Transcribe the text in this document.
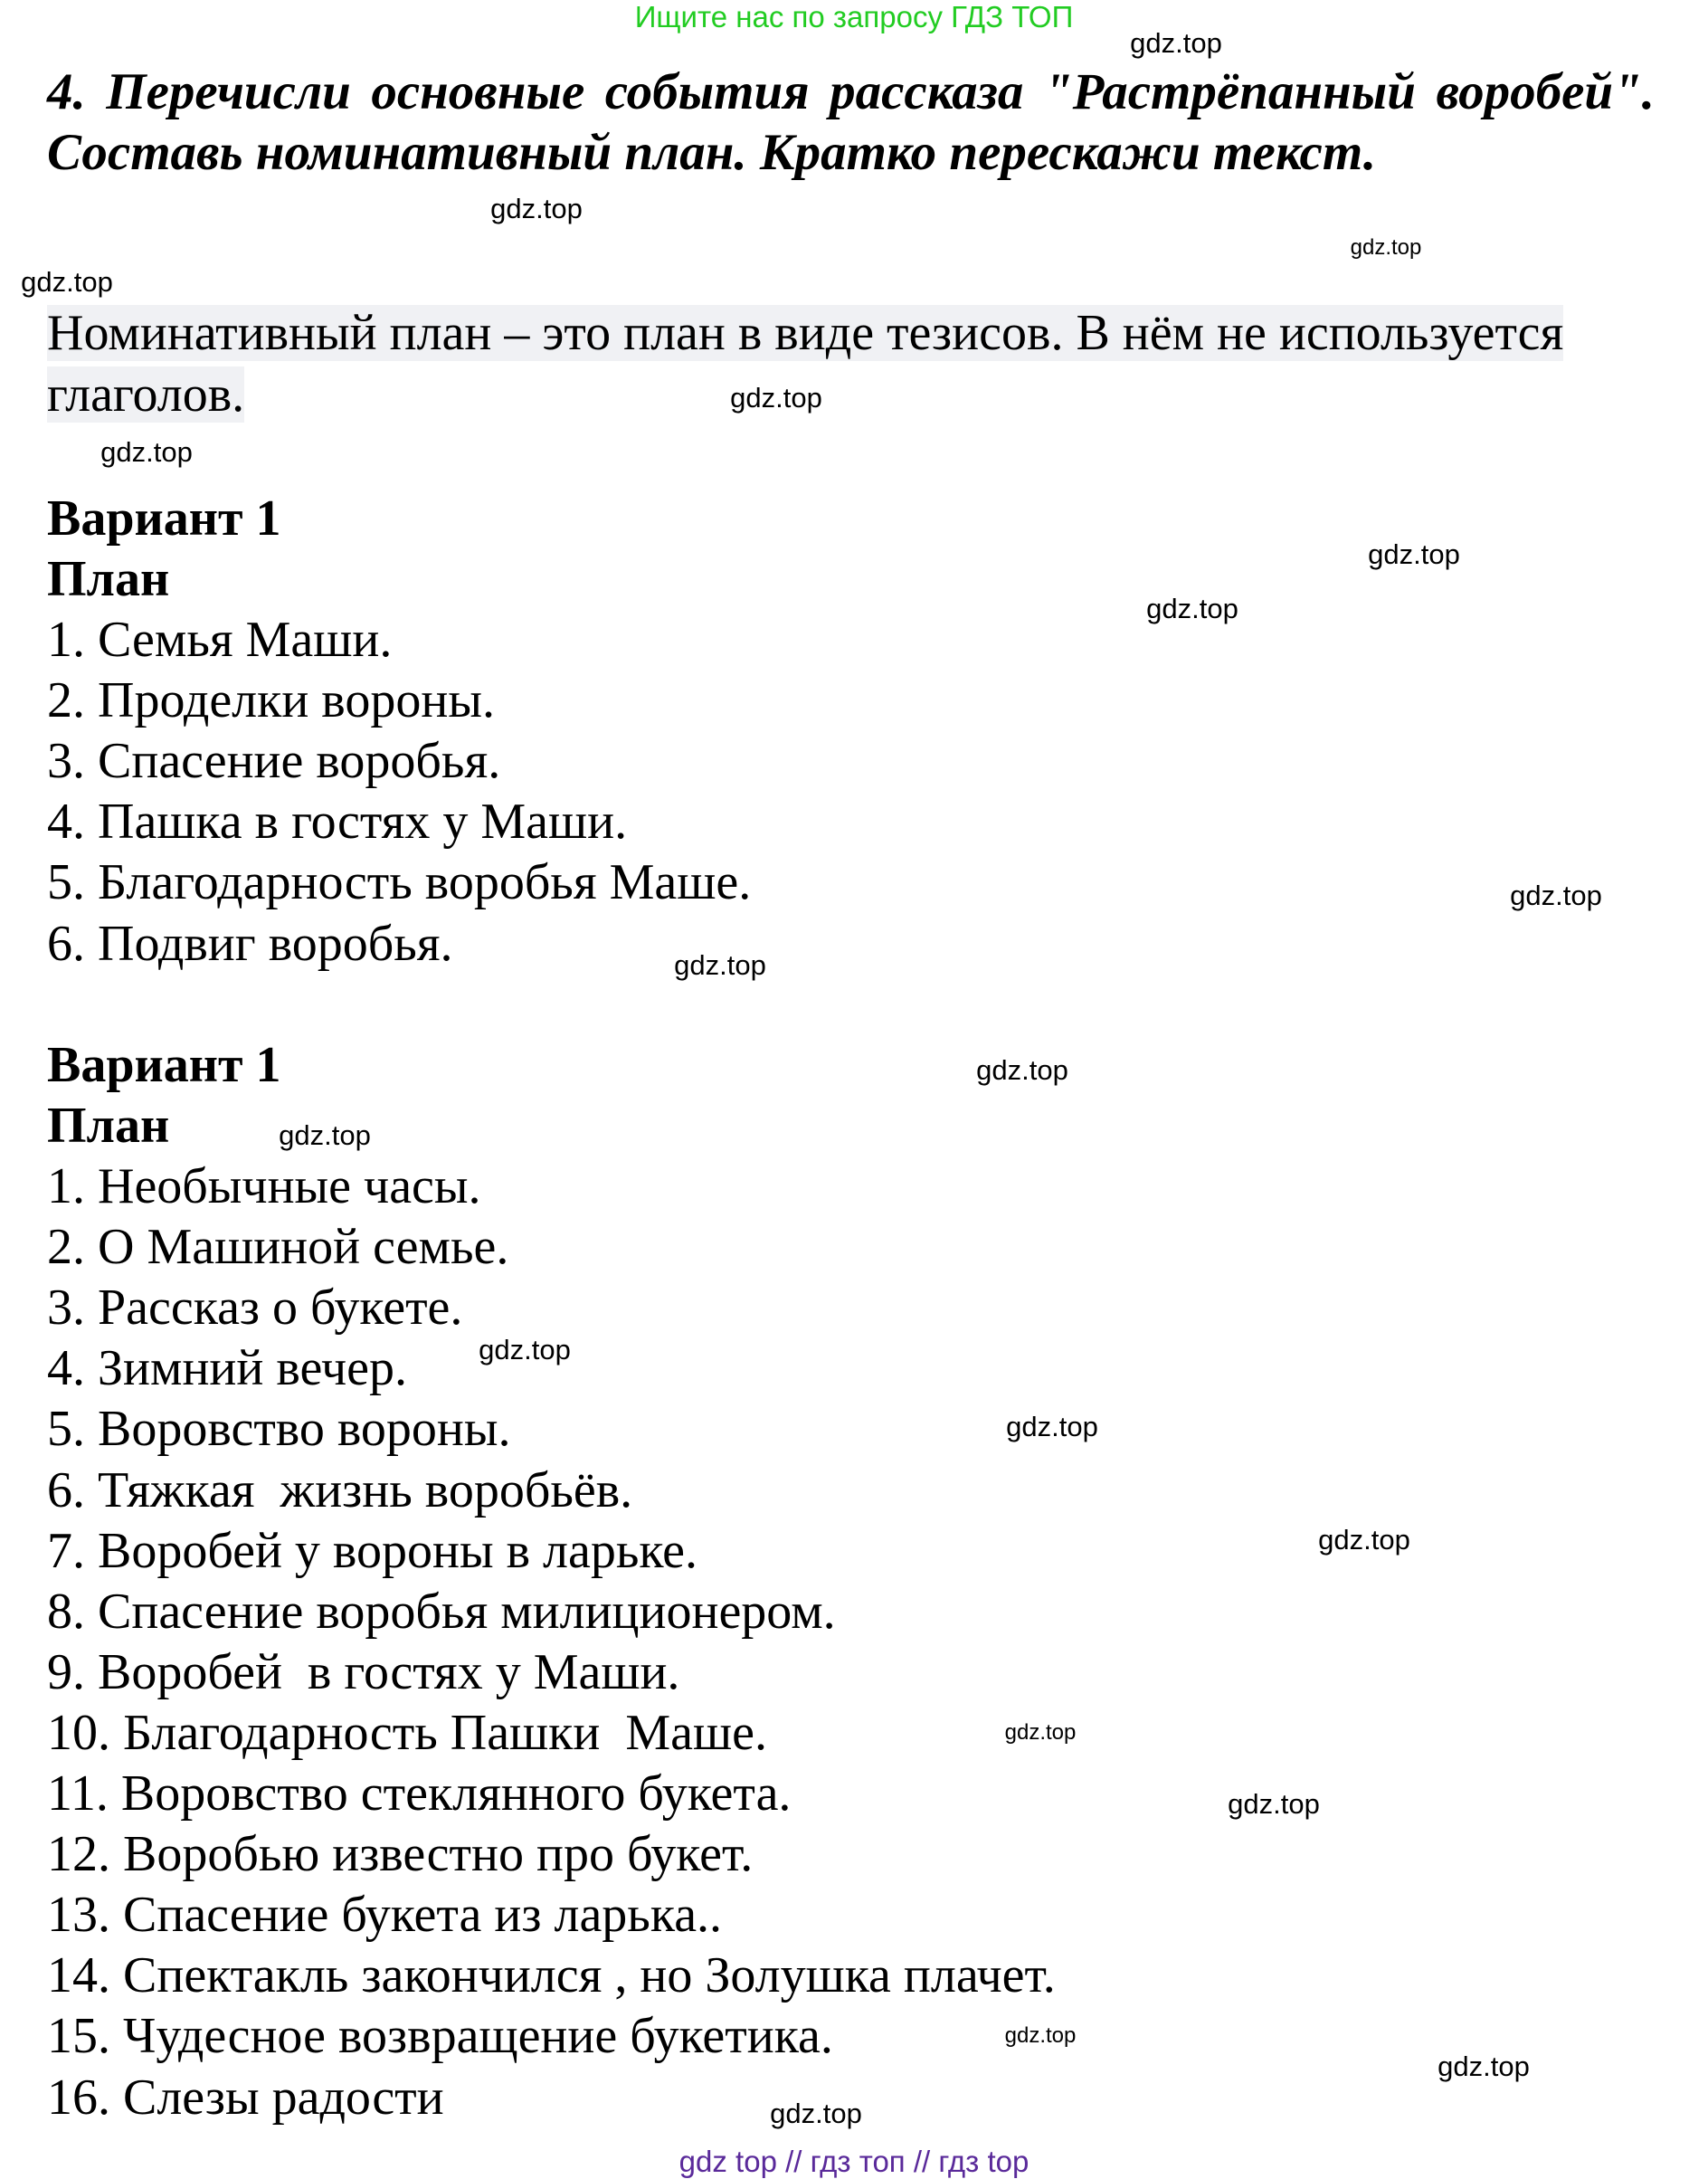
Ищите нас по запросу ГДЗ ТОП
4. Перечисли основные события рассказа "Растрёпанный воробей". Составь номинативный план. Кратко перескажи текст.
Номинативный план – это план в виде тезисов. В нём не используется глаголов.
Вариант 1
План
1. Семья Маши.
2. Проделки вороны.
3. Спасение воробья.
4. Пашка в гостях у Маши.
5. Благодарность воробья Маше.
6. Подвиг воробья.
Вариант 1
План
1. Необычные часы.
2. О Машиной семье.
3. Рассказ о букете.
4. Зимний вечер.
5. Воровство вороны.
6. Тяжкая  жизнь воробьёв.
7. Воробей у вороны в ларьке.
8. Спасение воробья милиционером.
9. Воробей  в гостях у Маши.
10. Благодарность Пашки  Маше.
11. Воровство стеклянного букета.
12. Воробью известно про букет.
13. Спасение букета из ларька..
14. Спектакль закончился , но Золушка плачет.
15. Чудесное возвращение букетика.
16. Слезы радости
gdz.top
gdz.top
gdz.top
gdz.top
gdz.top
gdz.top
gdz.top
gdz.top
gdz.top
gdz.top
gdz.top
gdz.top
gdz.top
gdz.top
gdz.top
gdz.top
gdz.top
gdz.top
gdz.top
gdz.top
gdz top // гдз топ // гдз top
